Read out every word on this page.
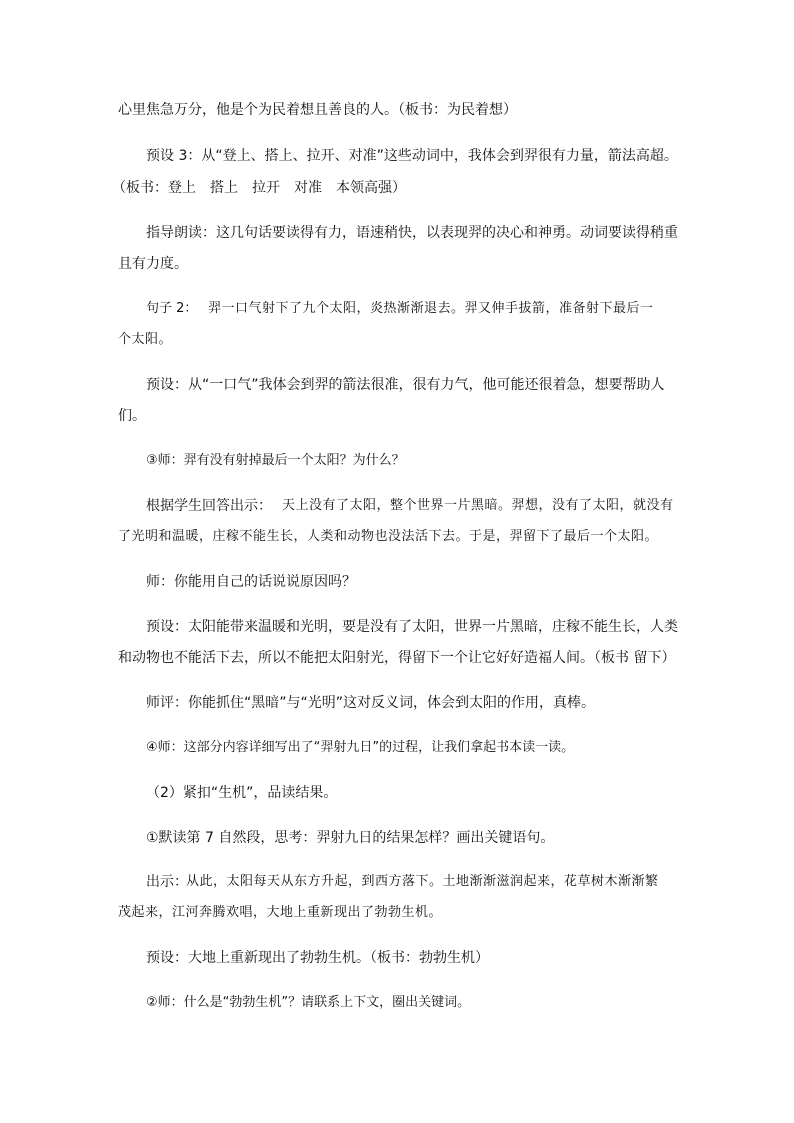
心里焦急万分，他是个为民着想且善良的人。（板书：为民着想）
预设 3：从“登上、搭上、拉开、对准”这些动词中，我体会到羿很有力量，箭法高超。
（板书：登上　搭上　拉开　对准　本领高强）
指导朗读：这几句话要读得有力，语速稍快，以表现羿的决心和神勇。动词要读得稍重
且有力度。
句子 2： 羿一口气射下了九个太阳，炎热渐渐退去。羿又伸手拔箭，准备射下最后一
个太阳。
预设：从“一口气”我体会到羿的箭法很准，很有力气，他可能还很着急，想要帮助人
们。
③师：羿有没有射掉最后一个太阳？为什么？
根据学生回答出示： 天上没有了太阳，整个世界一片黑暗。羿想，没有了太阳，就没有
了光明和温暖，庄稼不能生长，人类和动物也没法活下去。于是，羿留下了最后一个太阳。
师：你能用自己的话说说原因吗？
预设：太阳能带来温暖和光明，要是没有了太阳，世界一片黑暗，庄稼不能生长，人类
和动物也不能活下去，所以不能把太阳射光，得留下一个让它好好造福人间。（板书 留下）
师评：你能抓住“黑暗”与“光明”这对反义词，体会到太阳的作用，真棒。
④师：这部分内容详细写出了“羿射九日”的过程，让我们拿起书本读一读。
（2）紧扣“生机”，品读结果。
①默读第 7 自然段，思考：羿射九日的结果怎样？画出关键语句。
出示：
从此，太阳每天从东方升起，到西方落下。土地渐渐滋润起来，花草树木渐渐繁
茂起来，江河奔腾欢唱，大地上重新现出了勃勃生机。
预设：大地上重新现出了勃勃生机。（板书：勃勃生机）
②师：什么是“勃勃生机”？请联系上下文，圈出关键词。
